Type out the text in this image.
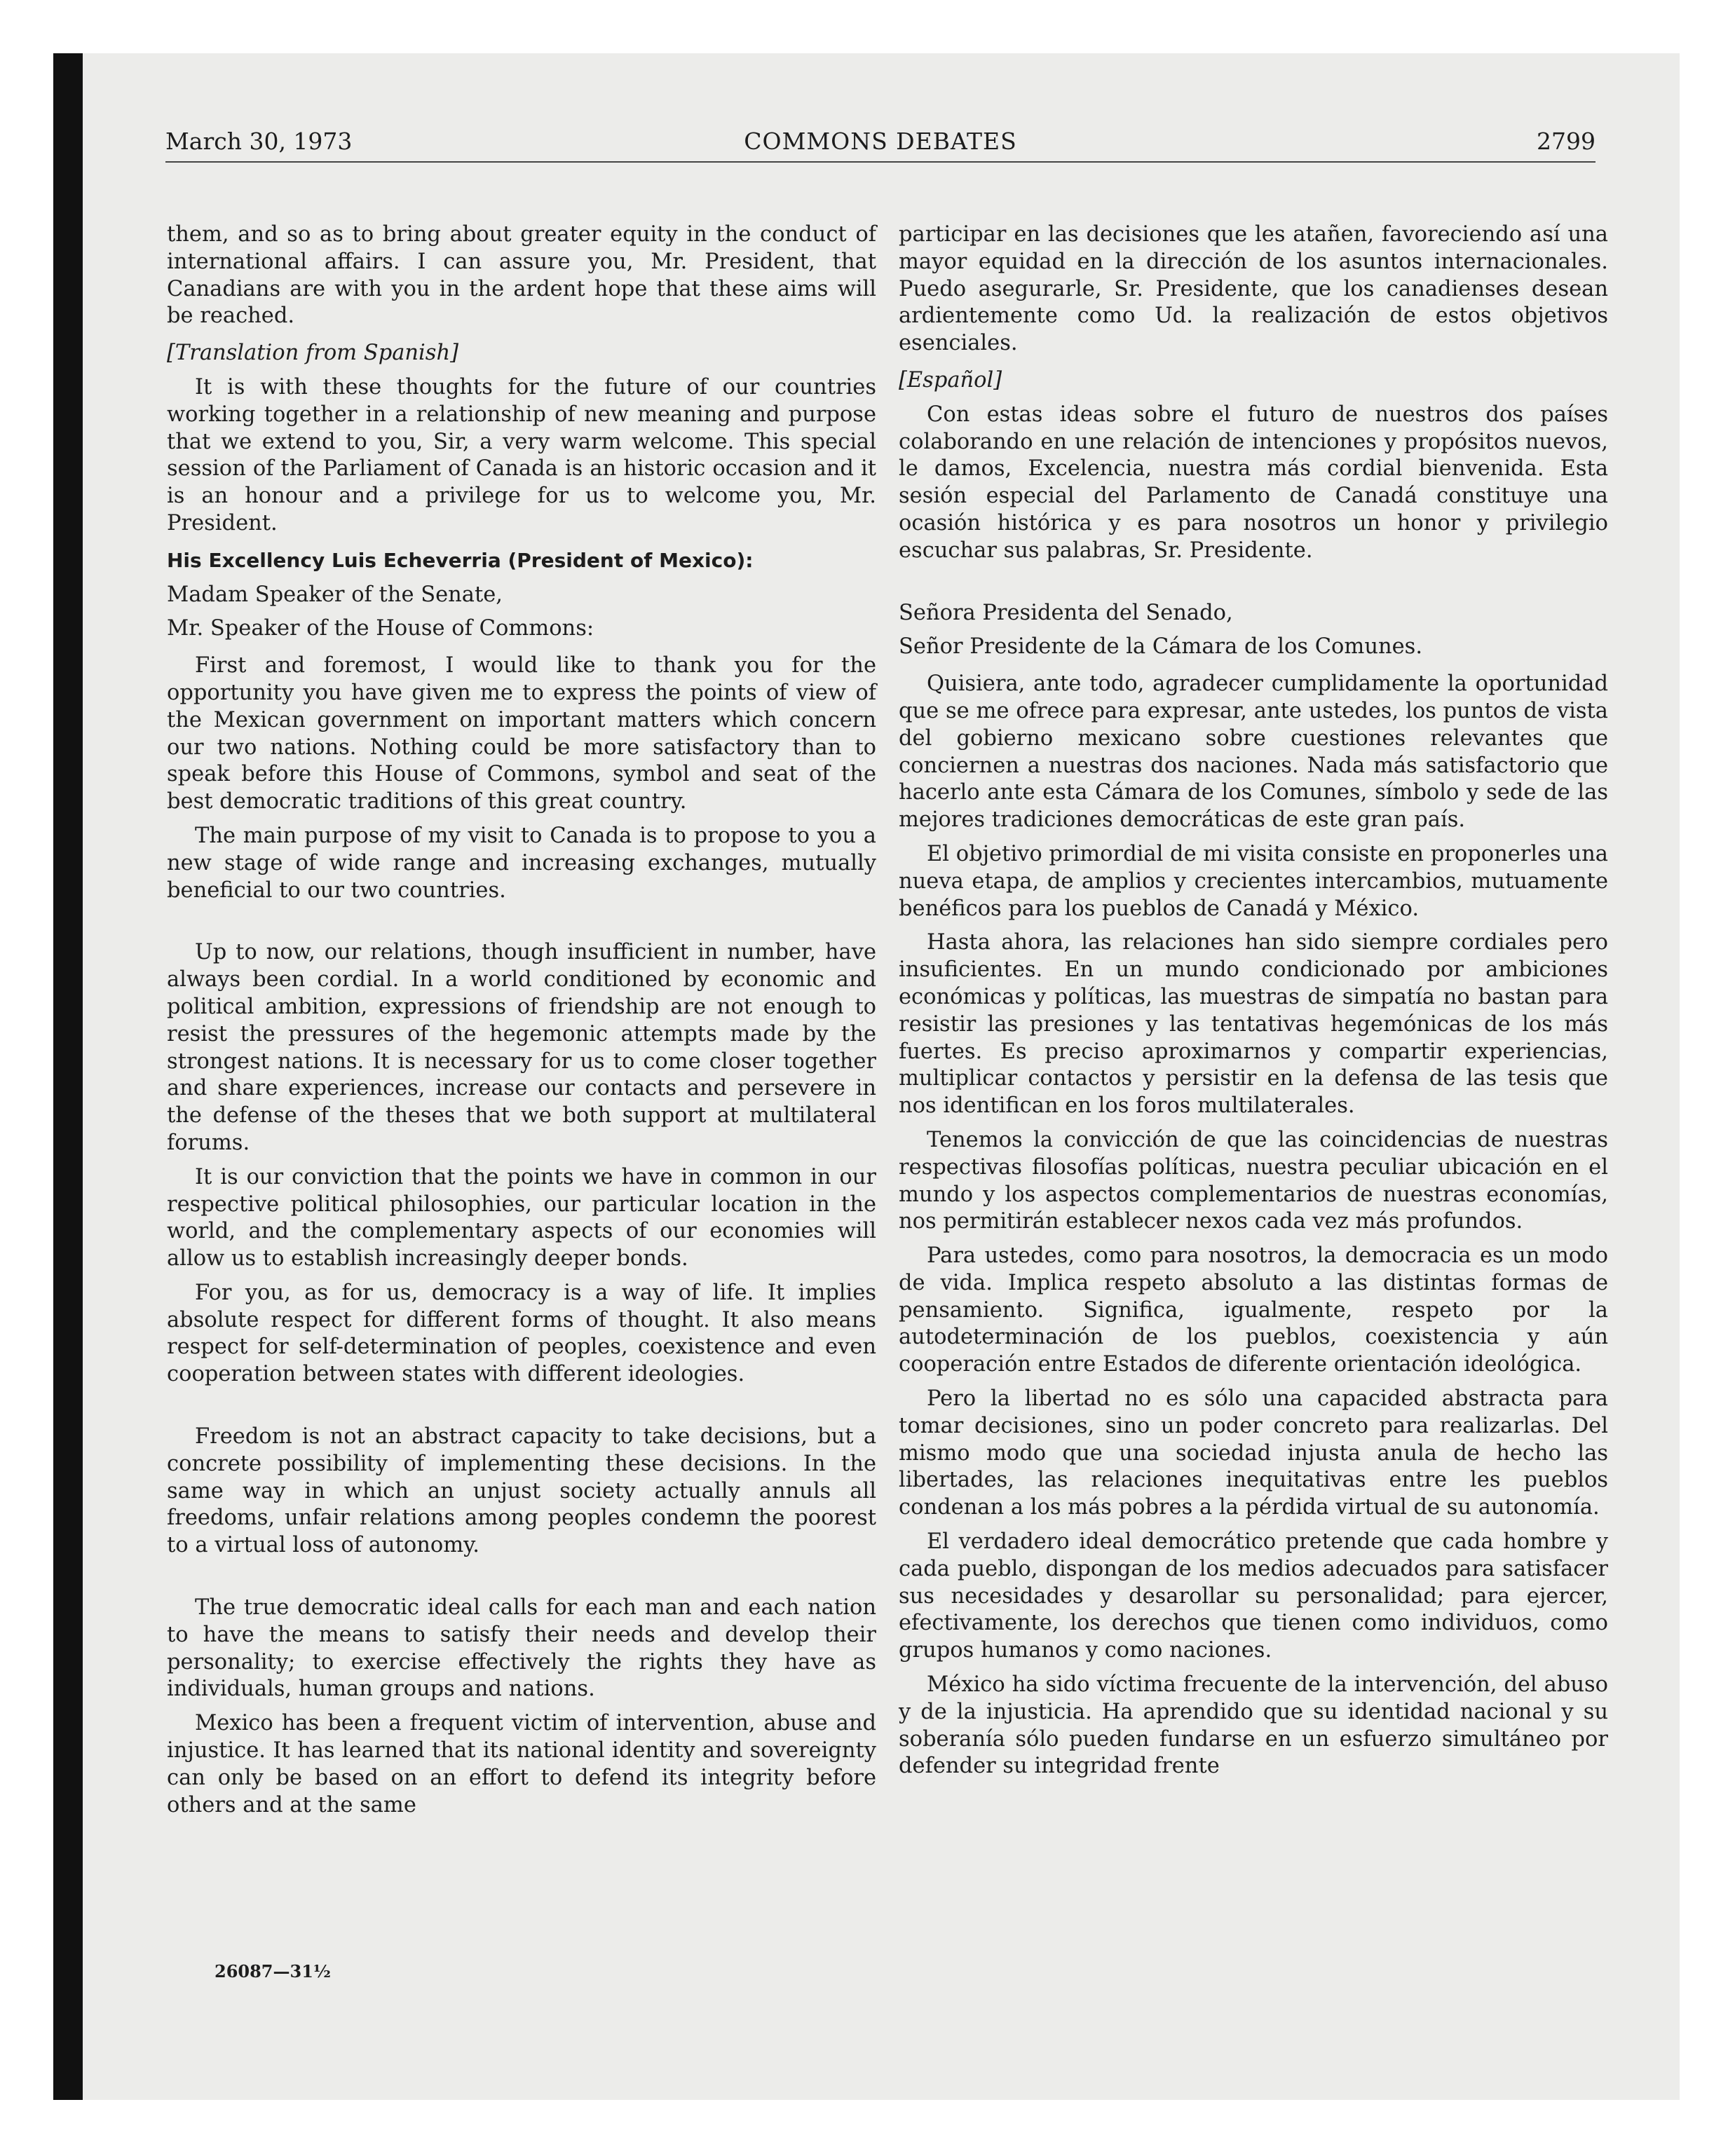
March 30, 1973	COMMONS DEBATES	2799

them, and so as to bring about greater equity in the conduct of international affairs. I can assure you, Mr. President, that Canadians are with you in the ardent hope that these aims will be reached.

[Translation from Spanish]

It is with these thoughts for the future of our countries working together in a relationship of new meaning and purpose that we extend to you, Sir, a very warm welcome. This special session of the Parliament of Canada is an historic occasion and it is an honour and a privilege for us to welcome you, Mr. President.

His Excellency Luis Echeverria (President of Mexico):

Madam Speaker of the Senate,

Mr. Speaker of the House of Commons:

First and foremost, I would like to thank you for the opportunity you have given me to express the points of view of the Mexican government on important matters which concern our two nations. Nothing could be more satisfactory than to speak before this House of Commons, symbol and seat of the best democratic traditions of this great country.

The main purpose of my visit to Canada is to propose to you a new stage of wide range and increasing exchanges, mutually beneficial to our two countries.

Up to now, our relations, though insufficient in number, have always been cordial. In a world conditioned by economic and political ambition, expressions of friendship are not enough to resist the pressures of the hegemonic attempts made by the strongest nations. It is necessary for us to come closer together and share experiences, increase our contacts and persevere in the defense of the theses that we both support at multilateral forums.

It is our conviction that the points we have in common in our respective political philosophies, our particular location in the world, and the complementary aspects of our economies will allow us to establish increasingly deeper bonds.

For you, as for us, democracy is a way of life. It implies absolute respect for different forms of thought. It also means respect for self-determination of peoples, coexistence and even cooperation between states with different ideologies.

Freedom is not an abstract capacity to take decisions, but a concrete possibility of implementing these decisions. In the same way in which an unjust society actually annuls all freedoms, unfair relations among peoples condemn the poorest to a virtual loss of autonomy.

The true democratic ideal calls for each man and each nation to have the means to satisfy their needs and develop their personality; to exercise effectively the rights they have as individuals, human groups and nations.

Mexico has been a frequent victim of intervention, abuse and injustice. It has learned that its national identity and sovereignty can only be based on an effort to defend its integrity before others and at the same

participar en las decisiones que les atañen, favoreciendo así una mayor equidad en la dirección de los asuntos internacionales. Puedo asegurarle, Sr. Presidente, que los canadienses desean ardientemente como Ud. la realización de estos objetivos esenciales.

[Español]

Con estas ideas sobre el futuro de nuestros dos países colaborando en une relación de intenciones y propósitos nuevos, le damos, Excelencia, nuestra más cordial bienvenida. Esta sesión especial del Parlamento de Canadá constituye una ocasión histórica y es para nosotros un honor y privilegio escuchar sus palabras, Sr. Presidente.

Señora Presidenta del Senado,

Señor Presidente de la Cámara de los Comunes.

Quisiera, ante todo, agradecer cumplidamente la oportunidad que se me ofrece para expresar, ante ustedes, los puntos de vista del gobierno mexicano sobre cuestiones relevantes que conciernen a nuestras dos naciones. Nada más satisfactorio que hacerlo ante esta Cámara de los Comunes, símbolo y sede de las mejores tradiciones democráticas de este gran país.

El objetivo primordial de mi visita consiste en proponerles una nueva etapa, de amplios y crecientes intercambios, mutuamente benéficos para los pueblos de Canadá y México.

Hasta ahora, las relaciones han sido siempre cordiales pero insuficientes. En un mundo condicionado por ambiciones económicas y políticas, las muestras de simpatía no bastan para resistir las presiones y las tentativas hegemónicas de los más fuertes. Es preciso aproximarnos y compartir experiencias, multiplicar contactos y persistir en la defensa de las tesis que nos identifican en los foros multilaterales.

Tenemos la convicción de que las coincidencias de nuestras respectivas filosofías políticas, nuestra peculiar ubicación en el mundo y los aspectos complementarios de nuestras economías, nos permitirán establecer nexos cada vez más profundos.

Para ustedes, como para nosotros, la democracia es un modo de vida. Implica respeto absoluto a las distintas formas de pensamiento. Significa, igualmente, respeto por la autodeterminación de los pueblos, coexistencia y aún cooperación entre Estados de diferente orientación ideológica.

Pero la libertad no es sólo una capacided abstracta para tomar decisiones, sino un poder concreto para realizarlas. Del mismo modo que una sociedad injusta anula de hecho las libertades, las relaciones inequitativas entre les pueblos condenan a los más pobres a la pérdida virtual de su autonomía.

El verdadero ideal democrático pretende que cada hombre y cada pueblo, dispongan de los medios adecuados para satisfacer sus necesidades y desarollar su personalidad; para ejercer, efectivamente, los derechos que tienen como individuos, como grupos humanos y como naciones.

México ha sido víctima frecuente de la intervención, del abuso y de la injusticia. Ha aprendido que su identidad nacional y su soberanía sólo pueden fundarse en un esfuerzo simultáneo por defender su integridad frente

26087—31½
